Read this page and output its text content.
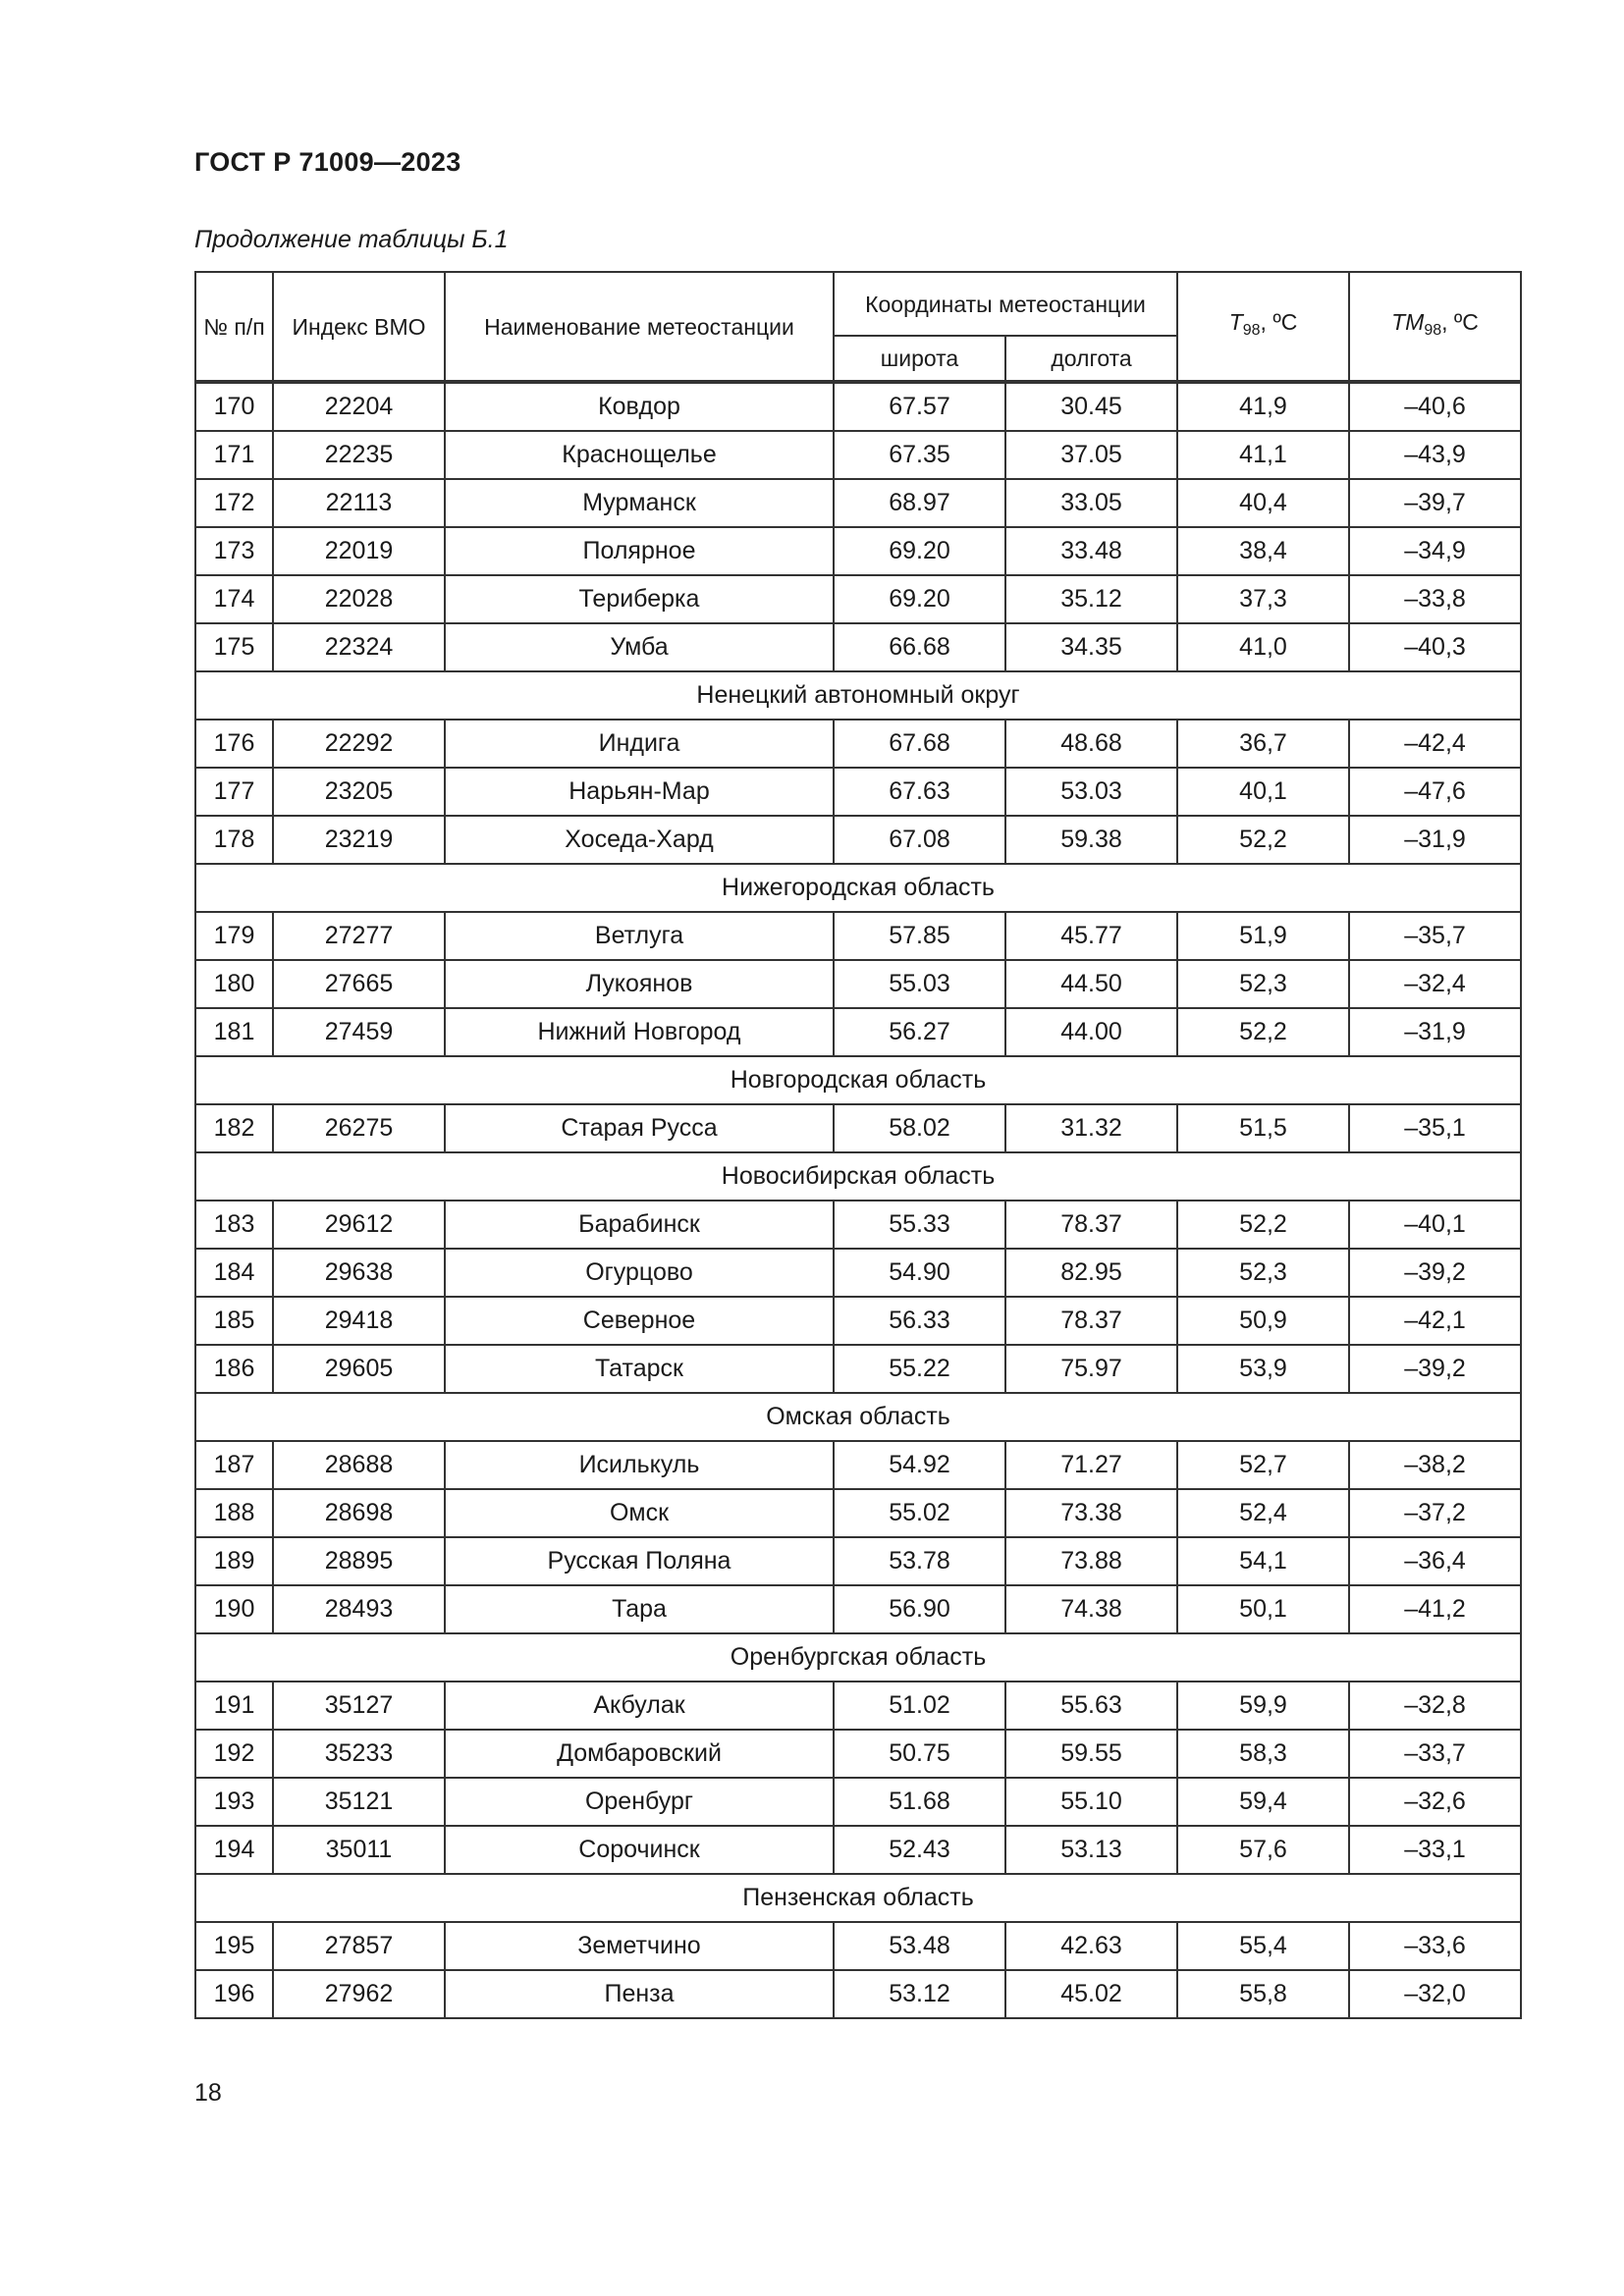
ГОСТ Р 71009—2023
Продолжение таблицы Б.1
№ п/п	Индекс ВМО	Наименование метеостанции	Координаты метеостанции		$T_{98}$, ºС	$TM_{98}$, ºС
			широта	долгота		
170	22204	Ковдор	67.57	30.45	41,9	–40,6
171	22235	Краснощелье	67.35	37.05	41,1	–43,9
172	22113	Мурманск	68.97	33.05	40,4	–39,7
173	22019	Полярное	69.20	33.48	38,4	–34,9
174	22028	Териберка	69.20	35.12	37,3	–33,8
175	22324	Умба	66.68	34.35	41,0	–40,3
Ненецкий автономный округ						
176	22292	Индига	67.68	48.68	36,7	–42,4
177	23205	Нарьян-Мар	67.63	53.03	40,1	–47,6
178	23219	Хоседа-Хард	67.08	59.38	52,2	–31,9
Нижегородская область						
179	27277	Ветлуга	57.85	45.77	51,9	–35,7
180	27665	Лукоянов	55.03	44.50	52,3	–32,4
181	27459	Нижний Новгород	56.27	44.00	52,2	–31,9
Новгородская область						
182	26275	Старая Русса	58.02	31.32	51,5	–35,1
Новосибирская область						
183	29612	Барабинск	55.33	78.37	52,2	–40,1
184	29638	Огурцово	54.90	82.95	52,3	–39,2
185	29418	Северное	56.33	78.37	50,9	–42,1
186	29605	Татарск	55.22	75.97	53,9	–39,2
Омская область						
187	28688	Исилькуль	54.92	71.27	52,7	–38,2
188	28698	Омск	55.02	73.38	52,4	–37,2
189	28895	Русская Поляна	53.78	73.88	54,1	–36,4
190	28493	Тара	56.90	74.38	50,1	–41,2
Оренбургская область						
191	35127	Акбулак	51.02	55.63	59,9	–32,8
192	35233	Домбаровский	50.75	59.55	58,3	–33,7
193	35121	Оренбург	51.68	55.10	59,4	–32,6
194	35011	Сорочинск	52.43	53.13	57,6	–33,1
Пензенская область						
195	27857	Земетчино	53.48	42.63	55,4	–33,6
196	27962	Пенза	53.12	45.02	55,8	–32,0
18
